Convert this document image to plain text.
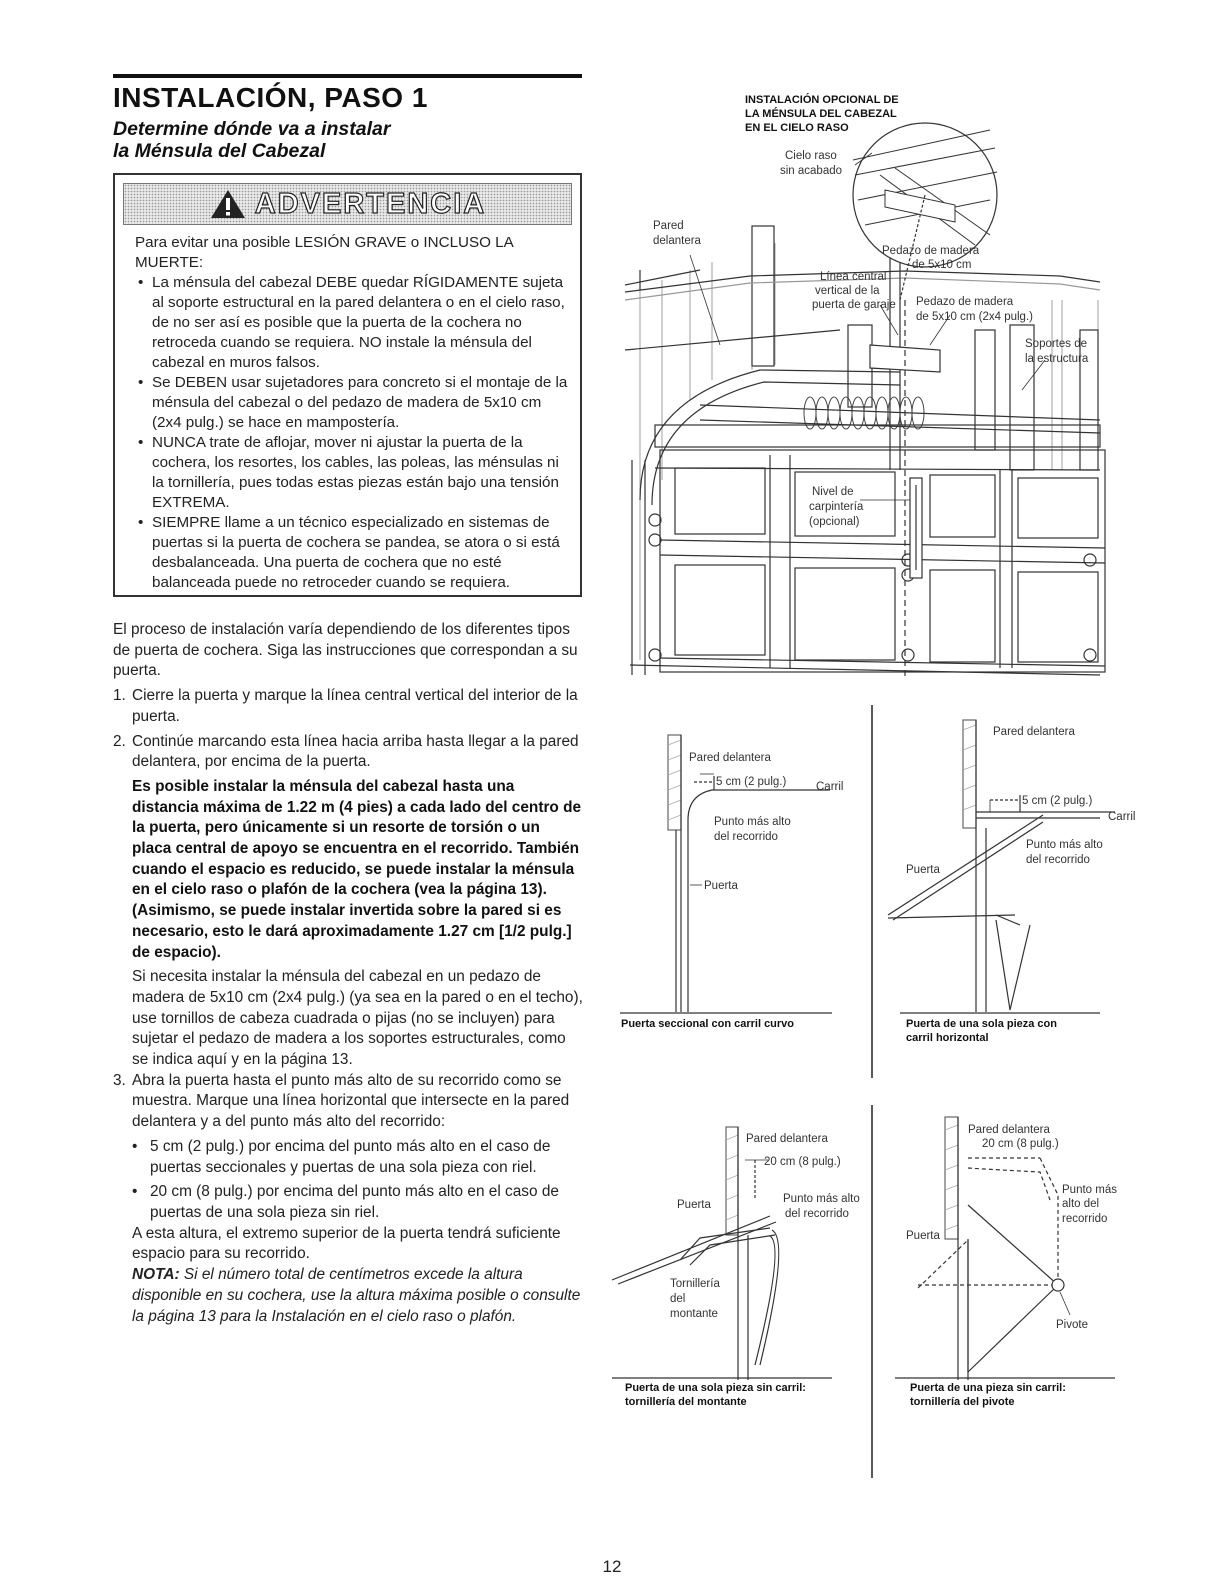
INSTALACIÓN, PASO 1
Determine dónde va a instalar
la Ménsula del Cabezal
ADVERTENCIA

Para evitar una posible LESIÓN GRAVE o INCLUSO LA MUERTE:

• La ménsula del cabezal DEBE quedar RÍGIDAMENTE sujeta al soporte estructural en la pared delantera o en el cielo raso, de no ser así es posible que la puerta de la cochera no retroceda cuando se requiera. NO instale la ménsula del cabezal en muros falsos.
• Se DEBEN usar sujetadores para concreto si el montaje de la ménsula del cabezal o del pedazo de madera de 5x10 cm (2x4 pulg.) se hace en mampostería.
• NUNCA trate de aflojar, mover ni ajustar la puerta de la cochera, los resortes, los cables, las poleas, las ménsulas ni la tornillería, pues todas estas piezas están bajo una tensión EXTREMA.
• SIEMPRE llame a un técnico especializado en sistemas de puertas si la puerta de cochera se pandea, se atora o si está desbalanceada. Una puerta de cochera que no esté balanceada puede no retroceder cuando se requiera.

El proceso de instalación varía dependiendo de los diferentes tipos de puerta de cochera. Siga las instrucciones que correspondan a su puerta.

1. Cierre la puerta y marque la línea central vertical del interior de la puerta.

2. Continúe marcando esta línea hacia arriba hasta llegar a la pared delantera, por encima de la puerta.

Es posible instalar la ménsula del cabezal hasta una distancia máxima de 1.22 m (4 pies) a cada lado del centro de la puerta, pero únicamente si un resorte de torsión o un placa central de apoyo se encuentra en el recorrido. También cuando el espacio es reducido, se puede instalar la ménsula en el cielo raso o plafón de la cochera (vea la página 13). (Asimismo, se puede instalar invertida sobre la pared si es necesario, esto le dará aproximadamente 1.27 cm [1/2 pulg.] de espacio).

Si necesita instalar la ménsula del cabezal en un pedazo de madera de 5x10 cm (2x4 pulg.) (ya sea en la pared o en el techo), use tornillos de cabeza cuadrada o pijas (no se incluyen) para sujetar el pedazo de madera a los soportes estructurales, como se indica aquí y en la página 13.

3. Abra la puerta hasta el punto más alto de su recorrido como se muestra. Marque una línea horizontal que intersecte en la pared delantera y a del punto más alto del recorrido:

• 5 cm (2 pulg.) por encima del punto más alto en el caso de puertas seccionales y puertas de una sola pieza con riel.

• 20 cm (8 pulg.) por encima del punto más alto en el caso de puertas de una sola pieza sin riel.

A esta altura, el extremo superior de la puerta tendrá suficiente espacio para su recorrido.

NOTA: Si el número total de centímetros excede la altura disponible en su cochera, use la altura máxima posible o consulte la página 13 para la Instalación en el cielo raso o plafón.

INSTALACIÓN OPCIONAL DE
LA MÉNSULA DEL CABEZAL
EN EL CIELO RASO
Cielo raso
sin acabado
Pared
delantera
Pedazo de madera
de 5x10 cm
Línea central
vertical de la
puerta de garaje Pedazo de madera
de 5x10 cm (2x4 pulg.)
Soportes de
la estructura
Nivel de
carpintería
(opcional)
Pared delantera
5 cm (2 pulg.)	Carril
Punto más alto
del recorrido
Puerta
Puerta seccional con carril curvo
Pared delantera
5 cm (2 pulg.)
Carril
Punto más alto
del recorrido
Puerta
Puerta de una sola pieza con
carril horizontal
Pared delantera
20 cm (8 pulg.)
Puerta	Punto más alto
del recorrido
Tornillería
del
montante
Puerta de una sola pieza sin carril:
tornillería del montante
Pared delantera
20 cm (8 pulg.)
Punto más
alto del
recorrido
Puerta
Pivote
Puerta de una pieza sin carril:
tornillería del pivote
12
